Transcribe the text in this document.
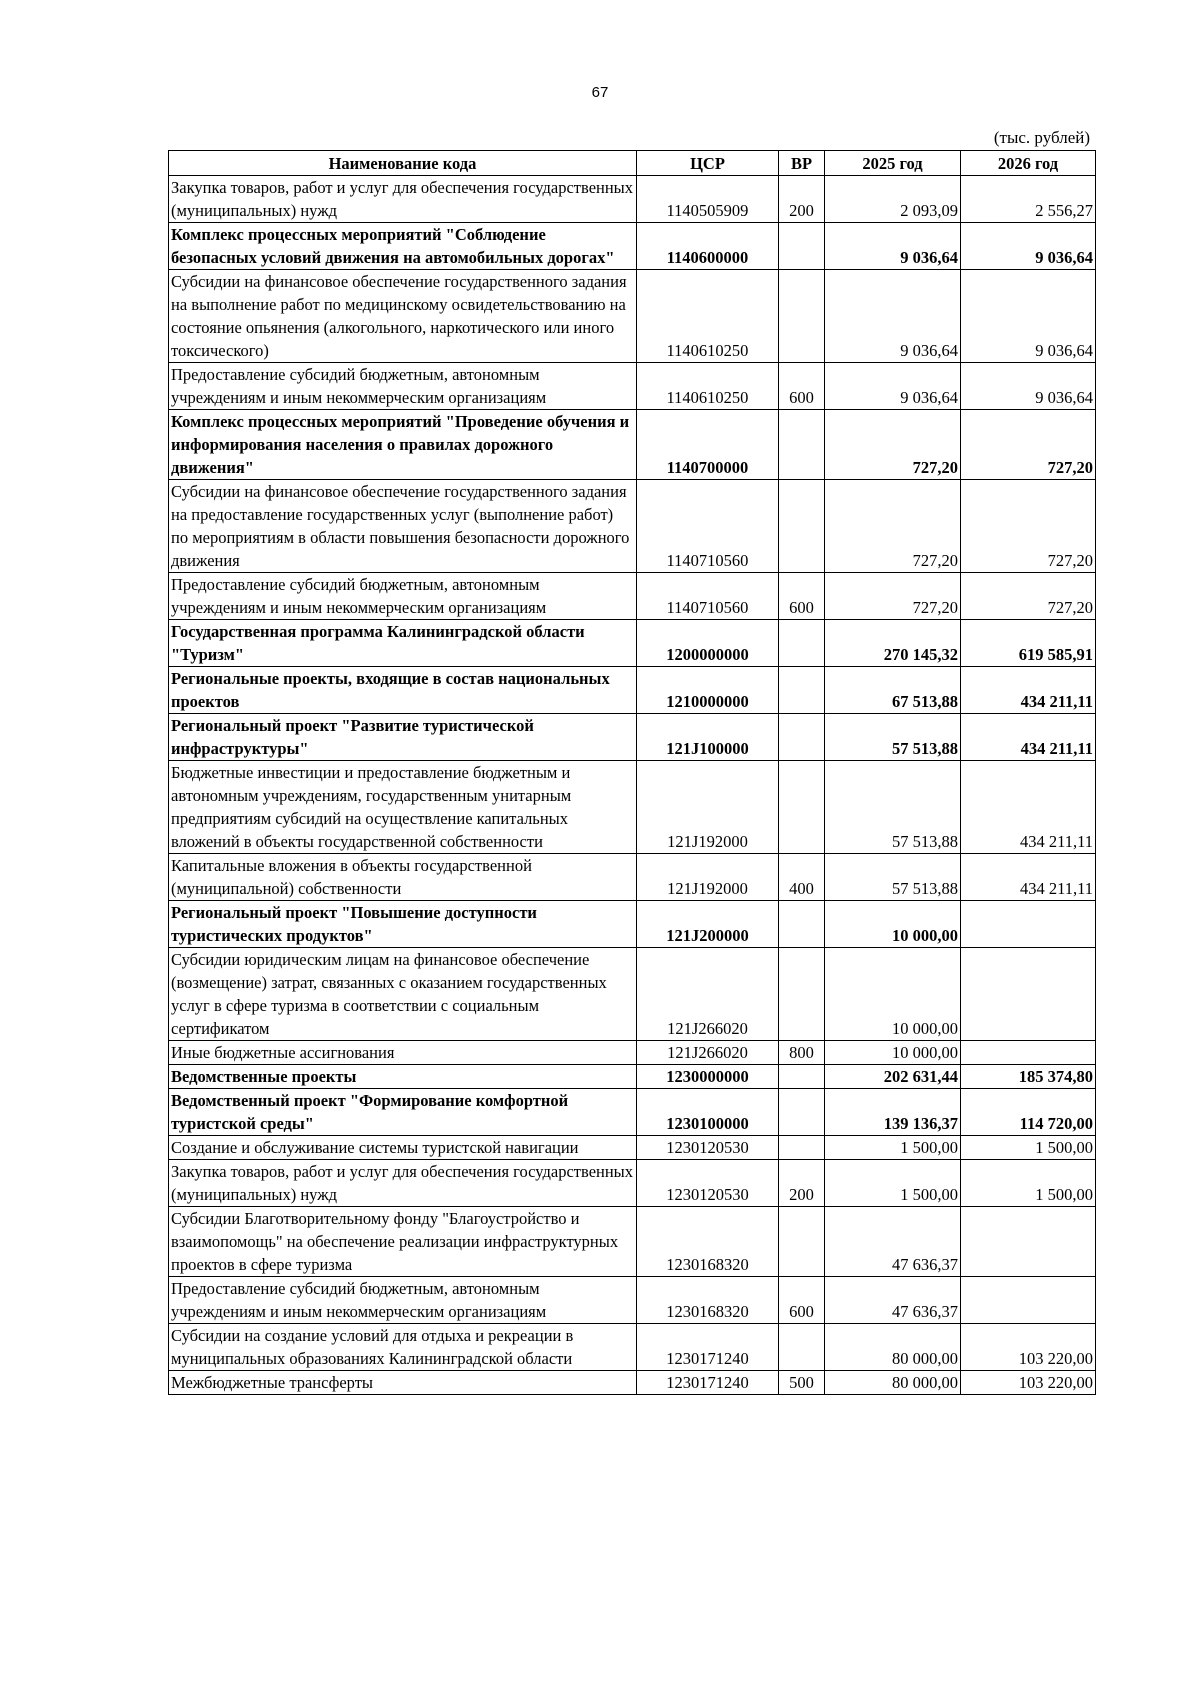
67
(тыс. рублей)
Наименование кода	ЦСР	ВР	2025 год	2026 год
Закупка товаров, работ и услуг для обеспечения государственных (муниципальных) нужд	1140505909	200	2 093,09	2 556,27
Комплекс процессных мероприятий "Соблюдение безопасных условий движения на автомобильных дорогах"	1140600000		9 036,64	9 036,64
Субсидии на финансовое обеспечение государственного задания на выполнение работ по медицинскому освидетельствованию на состояние опьянения (алкогольного, наркотического или иного токсического)	1140610250		9 036,64	9 036,64
Предоставление субсидий бюджетным, автономным учреждениям и иным некоммерческим организациям	1140610250	600	9 036,64	9 036,64
Комплекс процессных мероприятий "Проведение обучения и информирования населения о правилах дорожного движения"	1140700000		727,20	727,20
Субсидии на финансовое обеспечение государственного задания на предоставление государственных услуг (выполнение работ) по мероприятиям в области повышения безопасности дорожного движения	1140710560		727,20	727,20
Предоставление субсидий бюджетным, автономным учреждениям и иным некоммерческим организациям	1140710560	600	727,20	727,20
Государственная программа Калининградской области "Туризм"	1200000000		270 145,32	619 585,91
Региональные проекты, входящие в состав национальных проектов	1210000000		67 513,88	434 211,11
Региональный проект "Развитие туристической инфраструктуры"	121J100000		57 513,88	434 211,11
Бюджетные инвестиции и предоставление бюджетным и автономным учреждениям, государственным унитарным предприятиям субсидий на осуществление капитальных вложений в объекты государственной собственности	121J192000		57 513,88	434 211,11
Капитальные вложения в объекты государственной (муниципальной) собственности	121J192000	400	57 513,88	434 211,11
Региональный проект "Повышение доступности туристических продуктов"	121J200000		10 000,00	
Субсидии юридическим лицам на финансовое обеспечение (возмещение) затрат, связанных с оказанием государственных услуг в сфере туризма в соответствии с социальным сертификатом	121J266020		10 000,00	
Иные бюджетные ассигнования	121J266020	800	10 000,00	
Ведомственные проекты	1230000000		202 631,44	185 374,80
Ведомственный проект "Формирование комфортной туристской среды"	1230100000		139 136,37	114 720,00
Создание и обслуживание системы туристской навигации	1230120530		1 500,00	1 500,00
Закупка товаров, работ и услуг для обеспечения государственных (муниципальных) нужд	1230120530	200	1 500,00	1 500,00
Субсидии Благотворительному фонду "Благоустройство и взаимопомощь" на обеспечение реализации инфраструктурных проектов в сфере туризма	1230168320		47 636,37	
Предоставление субсидий бюджетным, автономным учреждениям и иным некоммерческим организациям	1230168320	600	47 636,37	
Субсидии на создание условий для отдыха и рекреации в муниципальных образованиях Калининградской области	1230171240		80 000,00	103 220,00
Межбюджетные трансферты	1230171240	500	80 000,00	103 220,00
